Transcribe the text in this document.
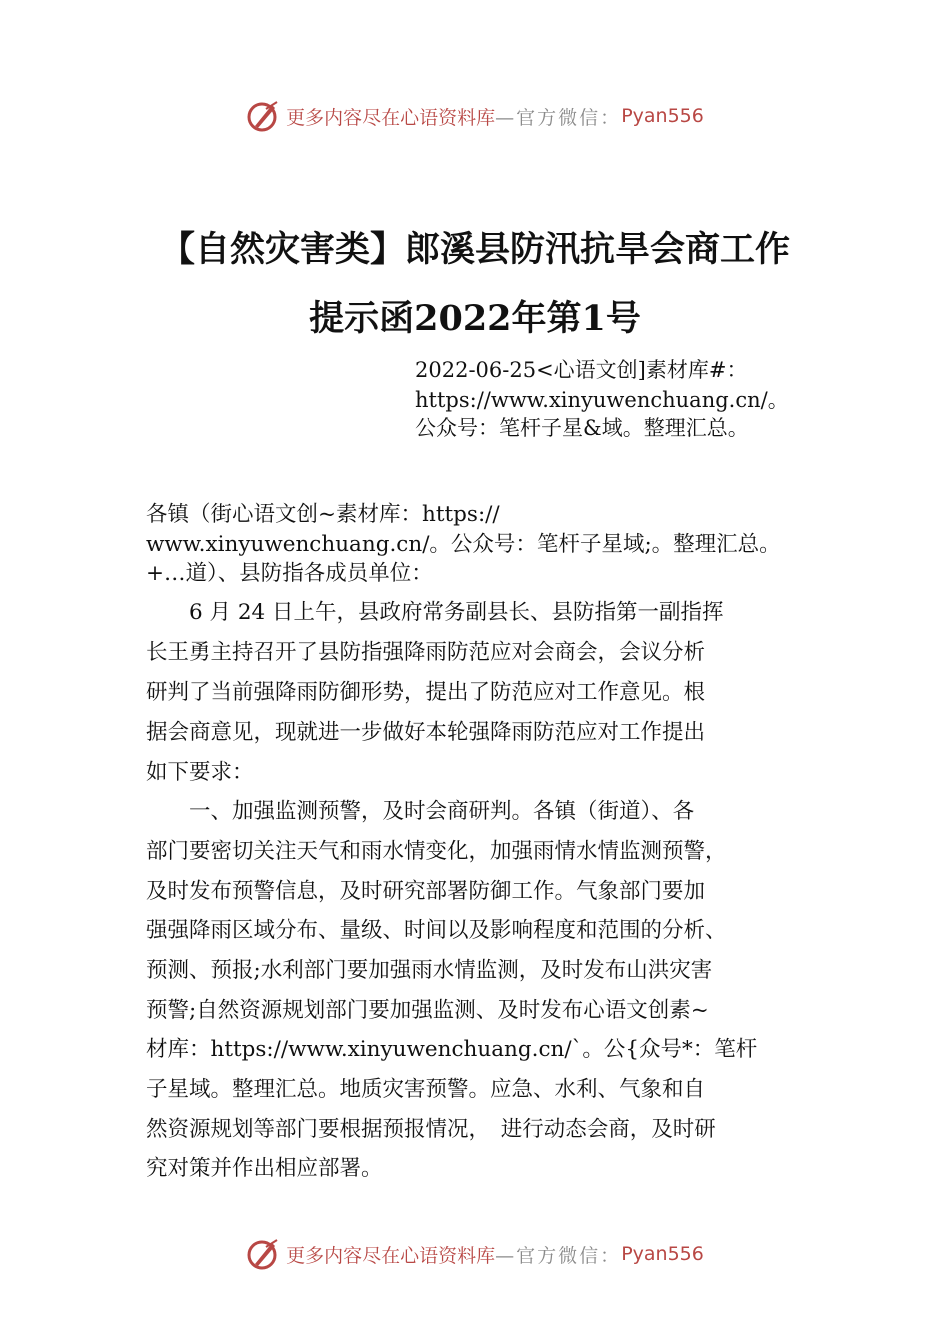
更多内容尽在心语资料库 —官方微信： Pyan556
【自然灾害类】郎溪县防汛抗旱会商工作
提示函2022年第1号
2022-06-25<心语文创]素材库#：
https://www.xinyuwenchuang.cn/。
公众号：笔杆子星&域。整理汇总。
各镇（街心语文创~素材库：https://
www.xinyuwenchuang.cn/。公众号：笔杆子星域;。整理汇总。
+…道）、县防指各成员单位：
　　6 月 24 日上午，县政府常务副县长、县防指第一副指挥
长王勇主持召开了县防指强降雨防范应对会商会，会议分析
研判了当前强降雨防御形势，提出了防范应对工作意见。根
据会商意见，现就进一步做好本轮强降雨防范应对工作提出
如下要求：
　　一、加强监测预警，及时会商研判。各镇（街道）、各
部门要密切关注天气和雨水情变化，加强雨情水情监测预警，
及时发布预警信息，及时研究部署防御工作。气象部门要加
强强降雨区域分布、量级、时间以及影响程度和范围的分析、
预测、预报;水利部门要加强雨水情监测，及时发布山洪灾害
预警;自然资源规划部门要加强监测、及时发布心语文创素~
材库：https://www.xinyuwenchuang.cn/`。公{众号*：笔杆
子星域。整理汇总。地质灾害预警。应急、水利、气象和自
然资源规划等部门要根据预报情况，　进行动态会商，及时研
究对策并作出相应部署。
更多内容尽在心语资料库 —官方微信： Pyan556
